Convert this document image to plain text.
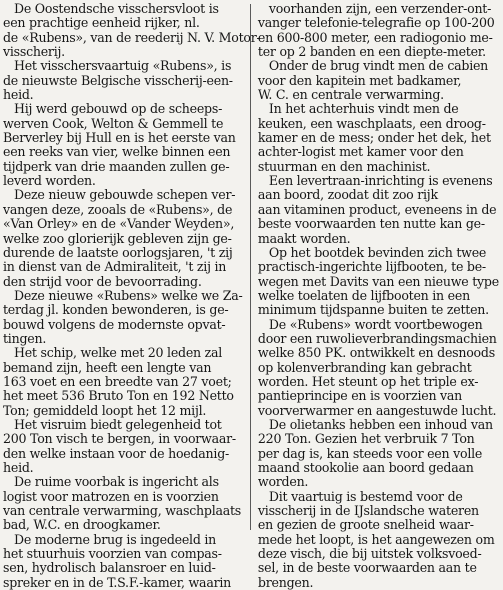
De Oostendsche visschersvloot is
een prachtige eenheid rijker, nl.
de «Rubens», van de reederij N. V. Motor-
visscherij.

Het visschersvaartuig «Rubens», is
de nieuwste Belgische visscherij-een-
heid.

Hij werd gebouwd op de scheeps-
werven Cook, Welton & Gemmell te
Berverley bij Hull en is het eerste van
een reeks van vier, welke binnen een
tijdperk van drie maanden zullen ge-
leverd worden.

Deze nieuw gebouwde schepen ver-
vangen deze, zooals de «Rubens», de
«Van Orley» en de «Vander Weyden»,
welke zoo glorierijk gebleven zijn ge-
durende de laatste oorlogsjaren, 't zij
in dienst van de Admiraliteit, 't zij in
den strijd voor de bevoorrading.

Deze nieuwe «Rubens» welke we Za-
terdag jl. konden bewonderen, is ge-
bouwd volgens de modernste opvat-
tingen.

Het schip, welke met 20 leden zal
bemand zijn, heeft een lengte van
163 voet en een breedte van 27 voet;
het meet 536 Bruto Ton en 192 Netto
Ton; gemiddeld loopt het 12 mijl.

Het visruim biedt gelegenheid tot
200 Ton visch te bergen, in voorwaar-
den welke instaan voor de hoedanig-
heid.

De ruime voorbak is ingericht als
logist voor matrozen en is voorzien
van centrale verwarming, waschplaats
bad, W.C. en droogkamer.

De moderne brug is ingedeeld in
het stuurhuis voorzien van compas-
sen, hydrolisch balansroer en luid-
spreker en in de T.S.F.-kamer, waarin

voorhanden zijn, een verzender-ont-
vanger telefonie-telegrafie op 100-200
en 600-800 meter, een radiogonio me-
ter op 2 banden en een diepte-meter.

Onder de brug vindt men de cabien
voor den kapitein met badkamer,
W. C. en centrale verwarming.

In het achterhuis vindt men de
keuken, een waschplaats, een droog-
kamer en de mess; onder het dek, het
achter-logist met kamer voor den
stuurman en den machinist.

Een levertraan-inrichting is evenens
aan boord, zoodat dit zoo rijk
aan vitaminen product, eveneens in de
beste voorwaarden ten nutte kan ge-
maakt worden.

Op het bootdek bevinden zich twee
practisch-ingerichte lijfbooten, te be-
wegen met Davits van een nieuwe type
welke toelaten de lijfbooten in een
minimum tijdspanne buiten te zetten.

De «Rubens» wordt voortbewogen
door een ruwolieverbrandingsmachien
welke 850 PK. ontwikkelt en desnoods
op kolenverbranding kan gebracht
worden. Het steunt op het triple ex-
pantieprincipe en is voorzien van
voorverwarmer en aangestuwde lucht.

De olietanks hebben een inhoud van
220 Ton. Gezien het verbruik 7 Ton
per dag is, kan steeds voor een volle
maand stookolie aan boord gedaan
worden.

Dit vaartuig is bestemd voor de
visscherij in de IJslandsche wateren
en gezien de groote snelheid waar-
mede het loopt, is het aangewezen om
deze visch, die bij uitstek volksvoed-
sel, in de beste voorwaarden aan te
brengen.
